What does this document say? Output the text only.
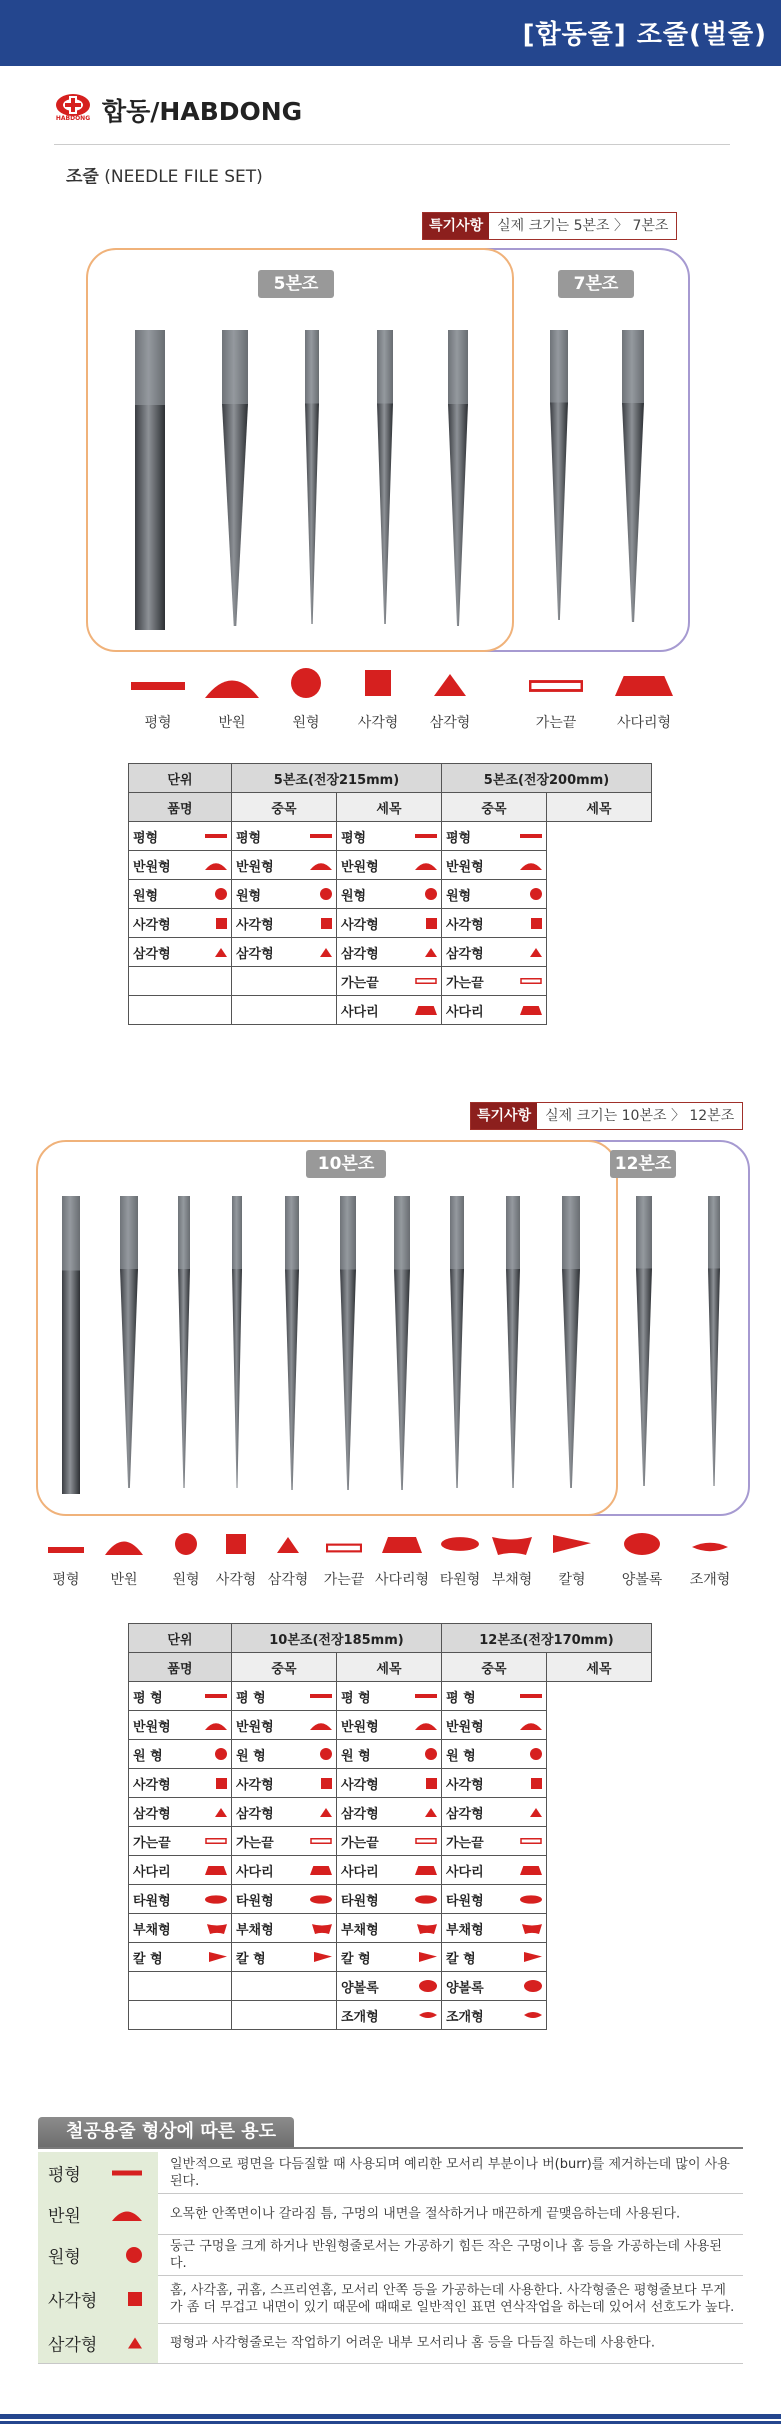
[합동줄] 조줄(벌줄)
HABDONG 합동/HABDONG
조줄 (NEEDLE FILE SET)
특기사항 실제 크기는 5본조 〉 7본조
5본조	7본조
평형	반원	원형	사각형	삼각형	가는끝	사다리형
단위	5본조(전장215mm)		5본조(전장200mm)	
품명	중목	세목	중목	세목

평형	평형	평형	평형	

반원형	반원형	반원형	반원형	

원형	원형	원형	원형	

사각형	사각형	사각형	사각형	

삼각형	삼각형	삼각형	삼각형	

		가는끝	가는끝	

		사다리	사다리	
특기사항 실제 크기는 10본조 〉 12본조
10본조	12본조
평형	반원	원형	사각형 삼각형	가는끝 사다리형 타원형 부채형	칼형	양볼록	조개형
단위	10본조(전장185mm)		12본조(전장170mm)	
품명	중목	세목	중목	세목

평 형	평 형	평 형	평 형	

반원형	반원형	반원형	반원형	

원 형	원 형	원 형	원 형	

사각형	사각형	사각형	사각형	

삼각형	삼각형	삼각형	삼각형	

가는끝	가는끝	가는끝	가는끝	

사다리	사다리	사다리	사다리	

타원형	타원형	타원형	타원형	

부채형	부채형	부채형	부채형	

칼 형	칼 형	칼 형	칼 형	

		양볼록	양볼록	

		조개형	조개형	
철공용줄 형상에 따른 용도
평형
일반적으로 평면을 다듬질할 때 사용되며 예리한 모서리 부분이나 버(burr)를 제거하는데 많이 사용된다.
반원	오목한 안쪽면이나 갈라짐 틈, 구멍의 내면을 절삭하거나 매끈하게 끝맺음하는데 사용된다.
원형
둥근 구멍을 크게 하거나 반원형줄로서는 가공하기 힘든 작은 구멍이나 홈 등을 가공하는데 사용된다.
사각형
홈, 사각홈, 귀홈, 스프리연홈, 모서리 안쪽 등을 가공하는데 사용한다. 사각형줄은 평형줄보다 무게가 좀 더 무겁고 내면이 있기 때문에 때때로 일반적인 표면 연삭작업을 하는데 있어서 선호도가 높다.
삼각형	평형과 사각형줄로는 작업하기 어려운 내부 모서리나 홈 등을 다듬질 하는데 사용한다.
